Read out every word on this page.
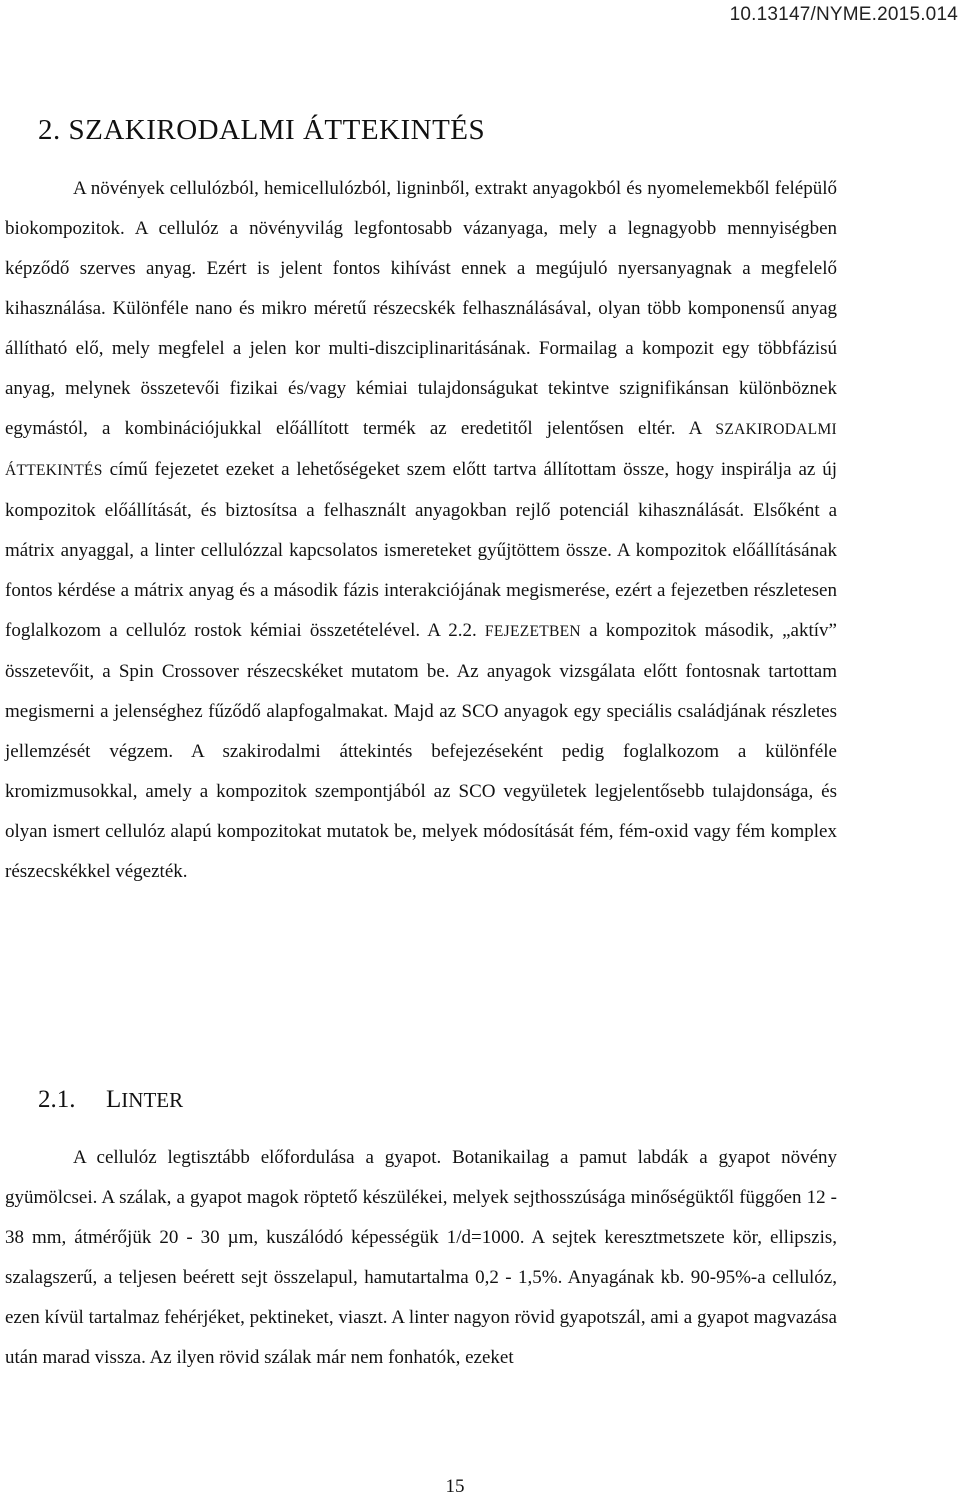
10.13147/NYME.2015.014
2. SZAKIRODALMI ÁTTEKINTÉS

A növények cellulózból, hemicellulózból, ligninből, extrakt anyagokból és nyomelemekből felépülő biokompozitok. A cellulóz a növényvilág legfontosabb vázanyaga, mely a legnagyobb mennyiségben képződő szerves anyag. Ezért is jelent fontos kihívást ennek a megújuló nyersanyagnak a megfelelő kihasználása. Különféle nano és mikro méretű részecskék felhasználásával, olyan több komponensű anyag állítható elő, mely megfelel a jelen kor multi-diszciplinaritásának. Formailag a kompozit egy többfázisú anyag, melynek összetevői fizikai és/vagy kémiai tulajdonságukat tekintve szignifikánsan különböznek egymástól, a kombinációjukkal előállított termék az eredetitől jelentősen eltér. A SZAKIRODALMI ÁTTEKINTÉS című fejezetet ezeket a lehetőségeket szem előtt tartva állítottam össze, hogy inspirálja az új kompozitok előállítását, és biztosítsa a felhasznált anyagokban rejlő potenciál kihasználását. Elsőként a mátrix anyaggal, a linter cellulózzal kapcsolatos ismereteket gyűjtöttem össze. A kompozitok előállításának fontos kérdése a mátrix anyag és a második fázis interakciójának megismerése, ezért a fejezetben részletesen foglalkozom a cellulóz rostok kémiai összetételével. A 2.2. FEJEZETBEN a kompozitok második, „aktív” összetevőit, a Spin Crossover részecskéket mutatom be. Az anyagok vizsgálata előtt fontosnak tartottam megismerni a jelenséghez fűződő alapfogalmakat. Majd az SCO anyagok egy speciális családjának részletes jellemzését végzem. A szakirodalmi áttekintés befejezéseként pedig foglalkozom a különféle kromizmusokkal, amely a kompozitok szempontjából az SCO vegyületek legjelentősebb tulajdonsága, és olyan ismert cellulóz alapú kompozitokat mutatok be, melyek módosítását fém, fém-oxid vagy fém komplex részecskékkel végezték.

2.1. LINTER

A cellulóz legtisztább előfordulása a gyapot. Botanikailag a pamut labdák a gyapot növény gyümölcsei. A szálak, a gyapot magok röptető készülékei, melyek sejthosszúsága minőségüktől függően 12 - 38 mm, átmérőjük 20 - 30 µm, kuszálódó képességük 1/d=1000. A sejtek keresztmetszete kör, ellipszis, szalagszerű, a teljesen beérett sejt összelapul, hamutartalma 0,2 - 1,5%. Anyagának kb. 90-95%-a cellulóz, ezen kívül tartalmaz fehérjéket, pektineket, viaszt. A linter nagyon rövid gyapotszál, ami a gyapot magvazása után marad vissza. Az ilyen rövid szálak már nem fonhatók, ezeket

15
